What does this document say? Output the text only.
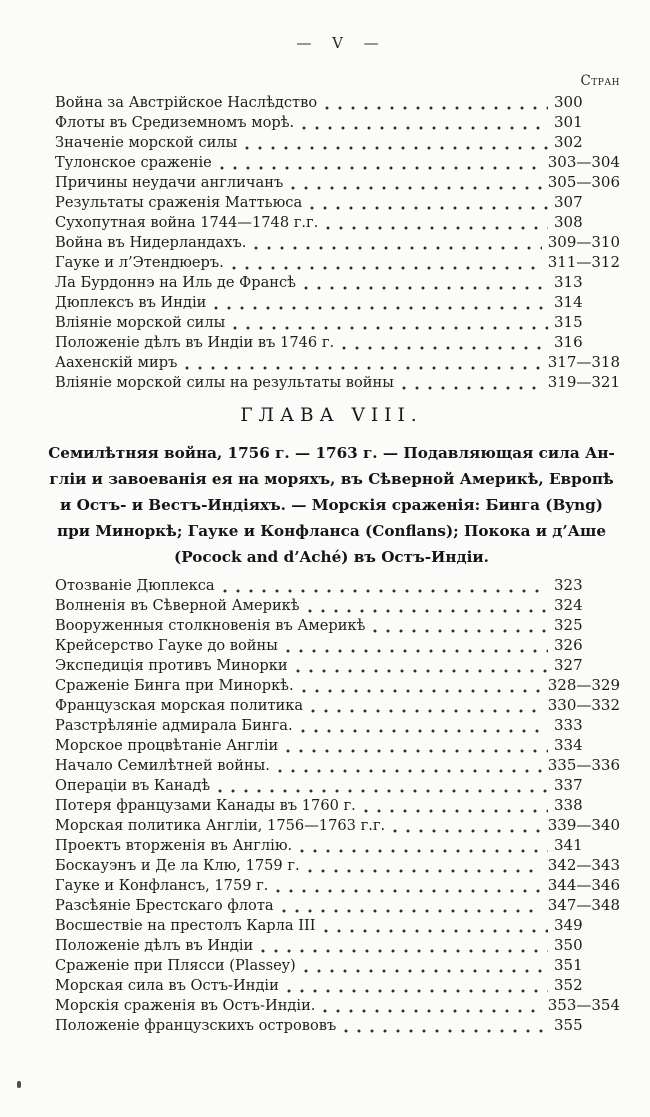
— V —
Стран
Война за Австрійское Наслѣдство	300
Флоты въ Средиземномъ морѣ.	301
Значеніе морской силы	302
Тулонское сраженіе	303—304
Причины неудачи англичанъ	305—306
Результаты сраженія Маттьюса	307
Сухопутная война 1744—1748 г.г.	308
Война въ Нидерландахъ.	309—310
Гауке и л’Этендюеръ.	311—312
Ла Бурдоннэ на Иль де Франсѣ	313
Дюплексъ въ Индіи	314
Вліяніе морской силы	315
Положеніе дѣлъ въ Индіи въ 1746 г.	316
Аахенскій миръ	317—318
Вліяніе морской силы на результаты войны	319—321
ГЛАВА VIII.
Семилѣтняя война, 1756 г. — 1763 г. — Подавляющая сила Ан-
гліи и завоеванія ея на моряхъ, въ Сѣверной Америкѣ, Европѣ
и Остъ- и Вестъ-Индіяхъ. — Морскія сраженія: Бинга (Byng)
при Миноркѣ; Гауке и Конфланса (Conflans); Покока и д’Аше
(Pocock and d’Aché) въ Остъ-Индіи.
Отозваніе Дюплекса	323
Волненія въ Сѣверной Америкѣ	324
Вооруженныя столкновенія въ Америкѣ	325
Крейсерство Гауке до войны	326
Экспедиція противъ Минорки	327
Сраженіе Бинга при Миноркѣ.	328—329
Французская морская политика	330—332
Разстрѣляніе адмирала Бинга.	333
Морское процвѣтаніе Англіи	334
Начало Семилѣтней войны.	335—336
Операціи въ Канадѣ	337
Потеря французами Канады въ 1760 г.	338
Морская политика Англіи, 1756—1763 г.г.	339—340
Проектъ вторженія въ Англію.	341
Боскауэнъ и Де ла Клю, 1759 г.	342—343
Гауке и Конфлансъ, 1759 г.	344—346
Разсѣяніе Брестскаго флота	347—348
Восшествіе на престолъ Карла III	349
Положеніе дѣлъ въ Индіи	350
Сраженіе при Плясси (Plassey)	351
Морская сила въ Остъ-Индіи	352
Морскія сраженія въ Остъ-Индіи.	353—354
Положеніе французскихъ острововъ	355
